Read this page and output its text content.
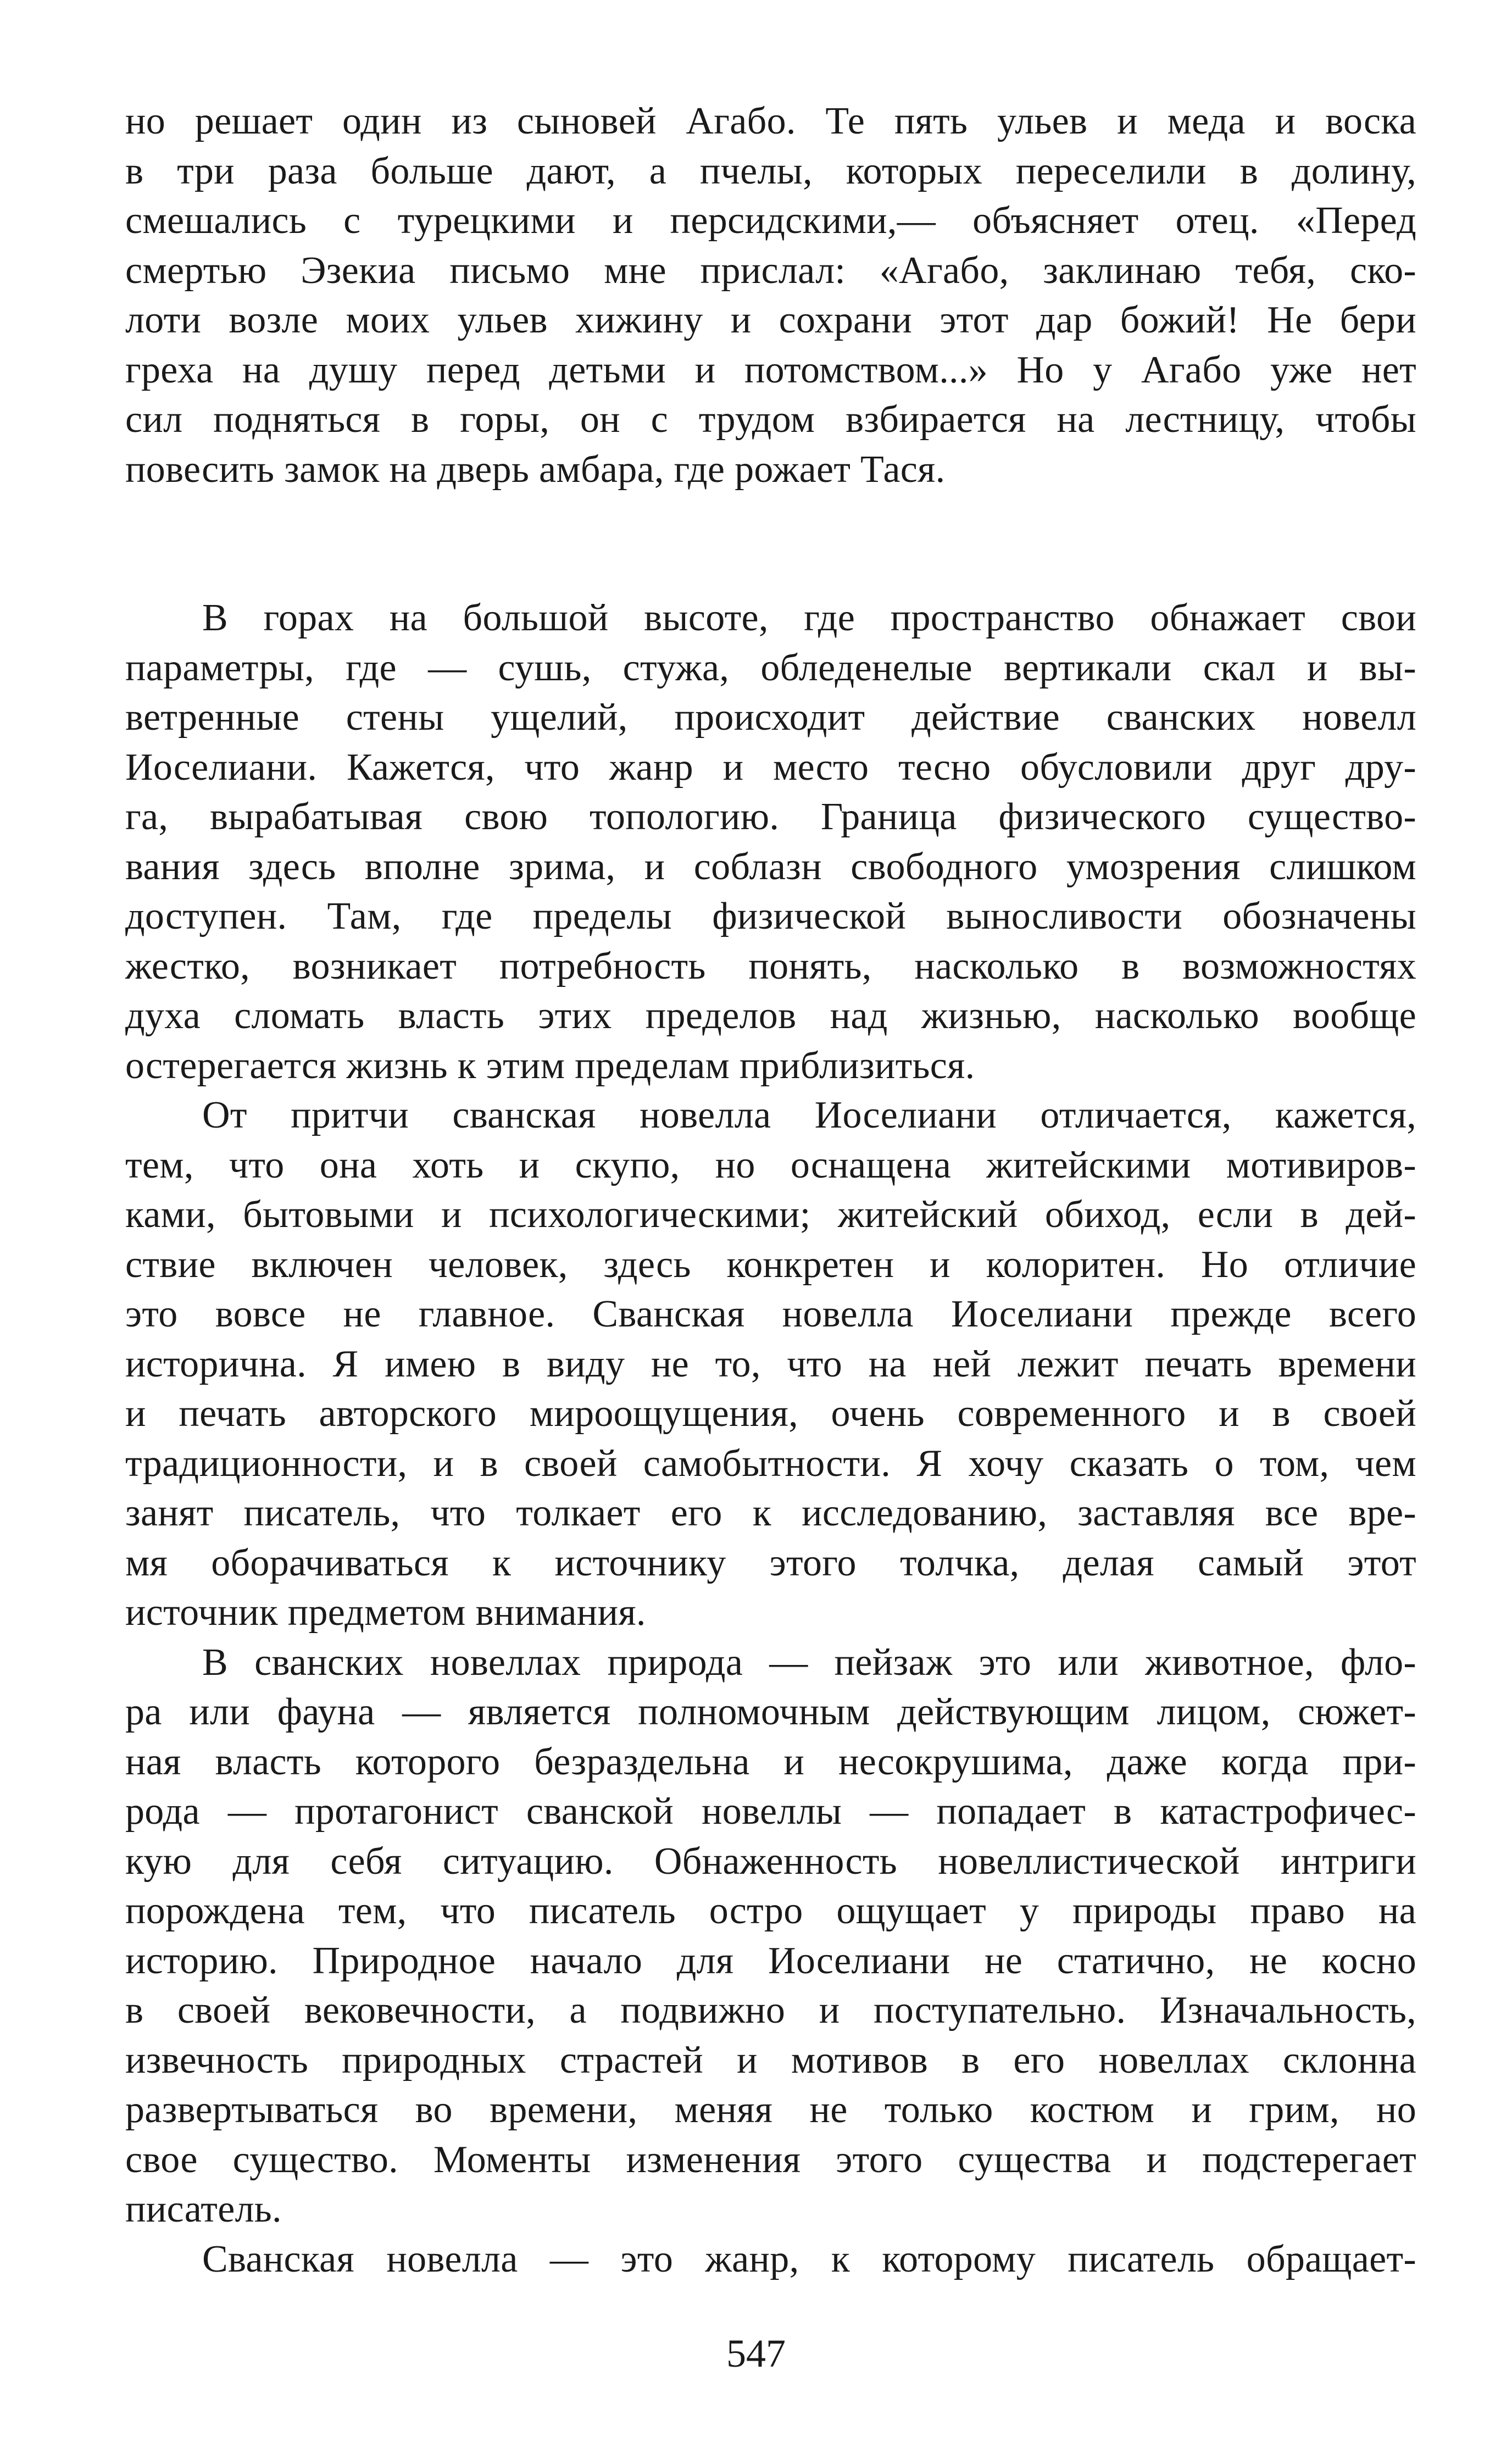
но решает один из сыновей Агабо. Те пять ульев и меда и воска
в три раза больше дают, а пчелы, которых переселили в долину,
смешались с турецкими и персидскими,— объясняет отец. «Перед
смертью Эзекиа письмо мне прислал: «Агабо, заклинаю тебя, ско-
лоти возле моих ульев хижину и сохрани этот дар божий! Не бери
греха на душу перед детьми и потомством...» Но у Агабо уже нет
сил подняться в горы, он с трудом взбирается на лестницу, чтобы
повесить замок на дверь амбара, где рожает Тася.
В горах на большой высоте, где пространство обнажает свои
параметры, где — сушь, стужа, обледенелые вертикали скал и вы-
ветренные стены ущелий, происходит действие сванских новелл
Иоселиани. Кажется, что жанр и место тесно обусловили друг дру-
га, вырабатывая свою топологию. Граница физического существо-
вания здесь вполне зрима, и соблазн свободного умозрения слишком
доступен. Там, где пределы физической выносливости обозначены
жестко, возникает потребность понять, насколько в возможностях
духа сломать власть этих пределов над жизнью, насколько вообще
остерегается жизнь к этим пределам приблизиться.
От притчи сванская новелла Иоселиани отличается, кажется,
тем, что она хоть и скупо, но оснащена житейскими мотивиров-
ками, бытовыми и психологическими; житейский обиход, если в дей-
ствие включен человек, здесь конкретен и колоритен. Но отличие
это вовсе не главное. Сванская новелла Иоселиани прежде всего
исторична. Я имею в виду не то, что на ней лежит печать времени
и печать авторского мироощущения, очень современного и в своей
традиционности, и в своей самобытности. Я хочу сказать о том, чем
занят писатель, что толкает его к исследованию, заставляя все вре-
мя оборачиваться к источнику этого толчка, делая самый этот
источник предметом внимания.
В сванских новеллах природа — пейзаж это или животное, фло-
ра или фауна — является полномочным действующим лицом, сюжет-
ная власть которого безраздельна и несокрушима, даже когда при-
рода — протагонист сванской новеллы — попадает в катастрофичес-
кую для себя ситуацию. Обнаженность новеллистической интриги
порождена тем, что писатель остро ощущает у природы право на
историю. Природное начало для Иоселиани не статично, не косно
в своей вековечности, а подвижно и поступательно. Изначальность,
извечность природных страстей и мотивов в его новеллах склонна
развертываться во времени, меняя не только костюм и грим, но
свое существо. Моменты изменения этого существа и подстерегает
писатель.
Сванская новелла — это жанр, к которому писатель обращает-
547
